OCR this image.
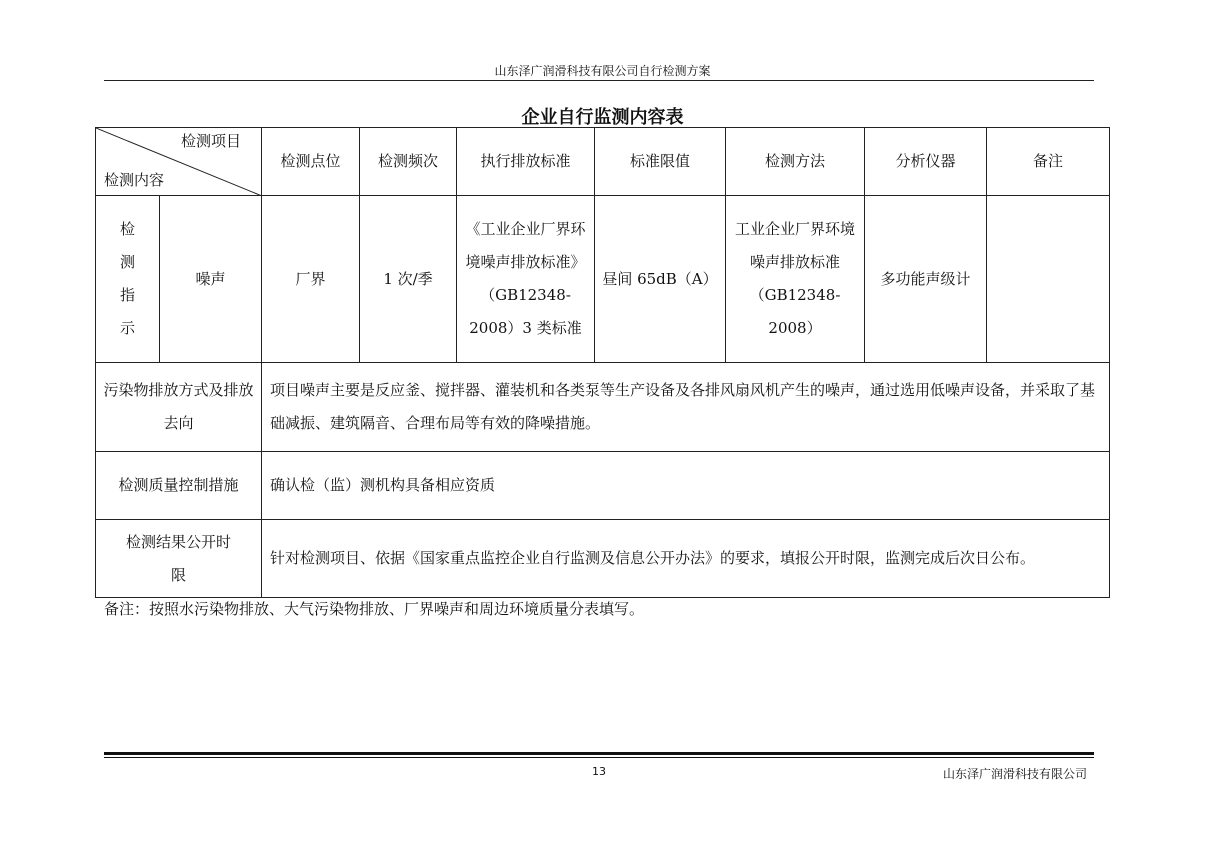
山东泽广润滑科技有限公司自行检测方案
企业自行监测内容表
检测项目
检测内容		检测点位	检测频次	执行排放标准	标准限值	检测方法	分析仪器	备注

检测指示	噪声	厂界	1 次/季	《工业企业厂界环境噪声排放标准》（GB12348-2008）3 类标准	昼间 65dB（A）	工业企业厂界环境噪声排放标准（GB12348-2008）	多功能声级计	
污染物排放方式及排放去向		项目噪声主要是反应釜、搅拌器、灌装机和各类泵等生产设备及各排风扇风机产生的噪声，通过选用低噪声设备，并采取了基础减振、建筑隔音、合理布局等有效的降噪措施。						
检测质量控制措施		确认检（监）测机构具备相应资质						
检测结果公开时限		针对检测项目、依据《国家重点监控企业自行监测及信息公开办法》的要求，填报公开时限，监测完成后次日公布。						
备注：按照水污染物排放、大气污染物排放、厂界噪声和周边环境质量分表填写。
13	山东泽广润滑科技有限公司
